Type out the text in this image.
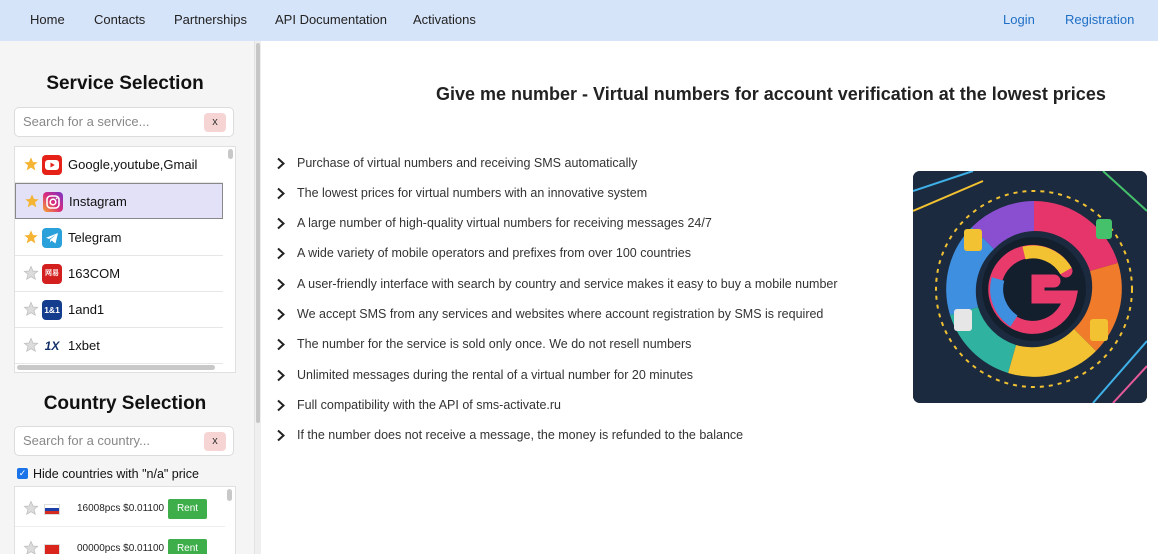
Home Contacts Partnerships API Documentation Activations	Login Registration
Service Selection
Search for a service...
x
Google,youtube,Gmail
Instagram
Telegram
网易 163COM
1&1 1and1
1X 1xbet
Country Selection
Search for a country...
x
✓ Hide countries with "n/a" price
16008pcs $0.01100	Rent
00000pcs $0.01100	Rent
Give me number - Virtual numbers for account verification at the lowest prices
Purchase of virtual numbers and receiving SMS automatically
The lowest prices for virtual numbers with an innovative system
A large number of high-quality virtual numbers for receiving messages 24/7
A wide variety of mobile operators and prefixes from over 100 countries
A user-friendly interface with search by country and service makes it easy to buy a mobile number
We accept SMS from any services and websites where account registration by SMS is required
The number for the service is sold only once. We do not resell numbers
Unlimited messages during the rental of a virtual number for 20 minutes
Full compatibility with the API of sms-activate.ru
If the number does not receive a message, the money is refunded to the balance
